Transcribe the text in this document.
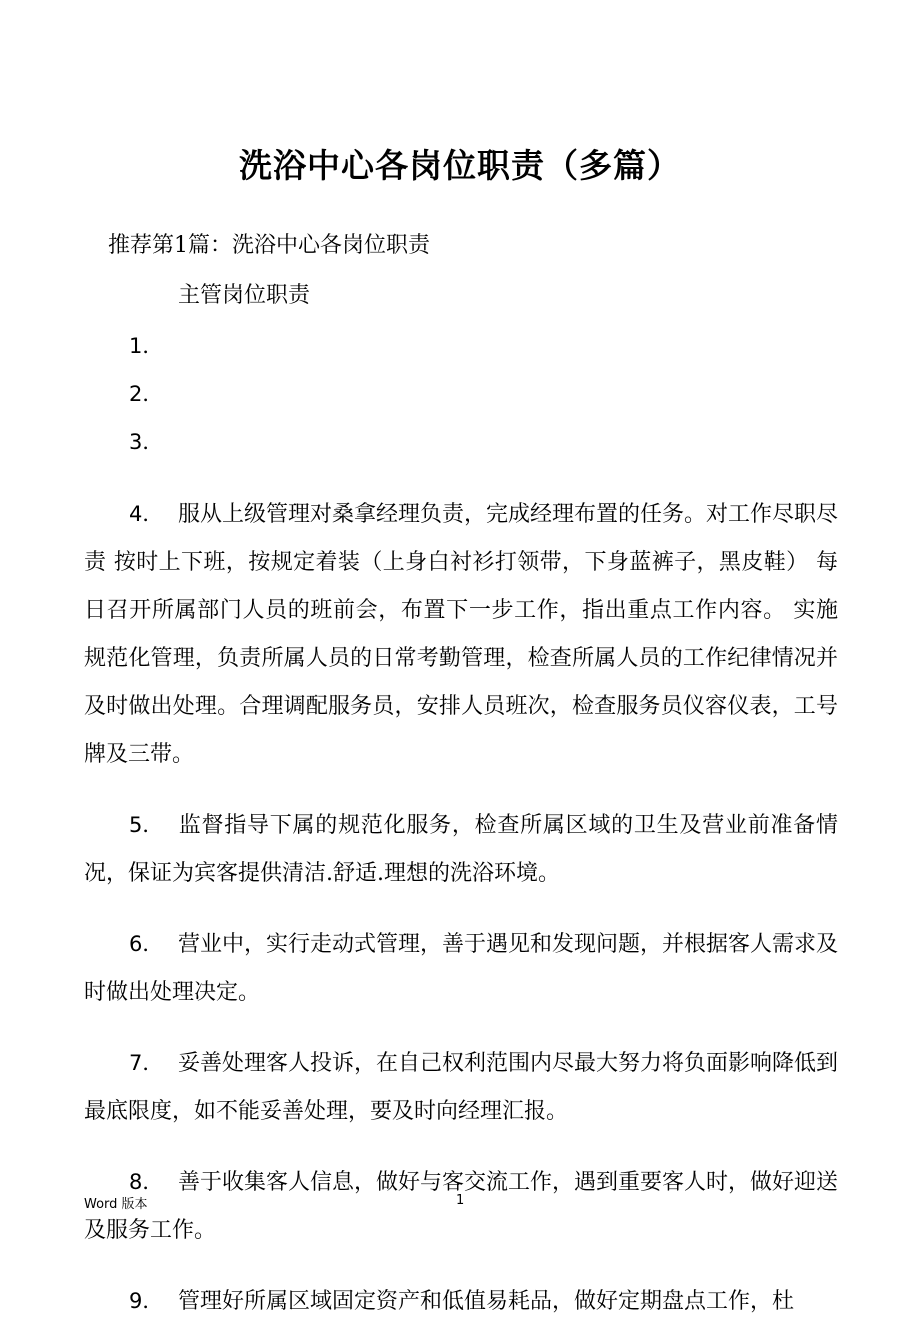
洗浴中心各岗位职责（多篇）
推荐第1篇：洗浴中心各岗位职责
主管岗位职责
1．
2．
3．

4． 服从上级管理对桑拿经理负责，完成经理布置的任务。对工作尽职尽责 按时上下班，按规定着装（上身白衬衫打领带，下身蓝裤子，黑皮鞋） 每日召开所属部门人员的班前会，布置下一步工作，指出重点工作内容。 实施规范化管理，负责所属人员的日常考勤管理，检查所属人员的工作纪律情况并及时做出处理。合理调配服务员，安排人员班次，检查服务员仪容仪表，工号牌及三带。

5． 监督指导下属的规范化服务，检查所属区域的卫生及营业前准备情况，保证为宾客提供清洁.舒适.理想的洗浴环境。

6． 营业中，实行走动式管理，善于遇见和发现问题，并根据客人需求及时做出处理决定。

7． 妥善处理客人投诉，在自己权利范围内尽最大努力将负面影响降低到最底限度，如不能妥善处理，要及时向经理汇报。

8． 善于收集客人信息，做好与客交流工作，遇到重要客人时，做好迎送及服务工作。

9． 管理好所属区域固定资产和低值易耗品，做好定期盘点工作，杜

Word 版本	1
